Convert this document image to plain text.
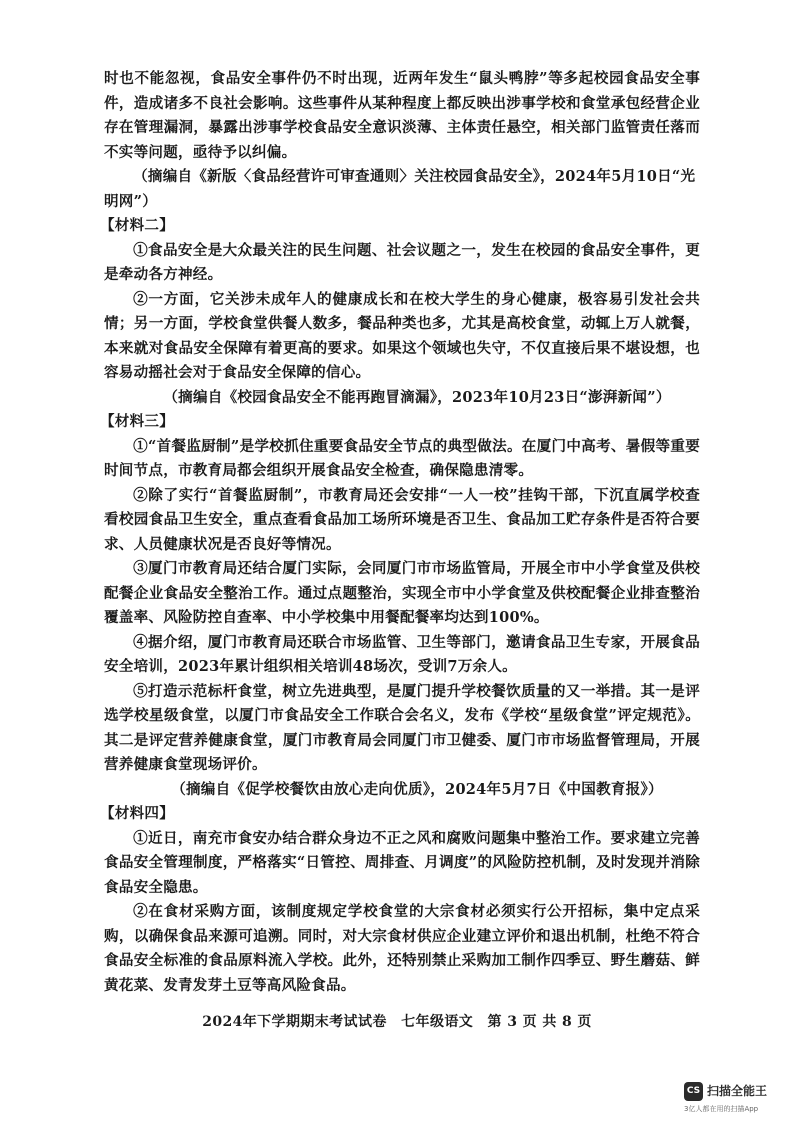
时也不能忽视，食品安全事件仍不时出现，近两年发生“鼠头鸭脖”等多起校园食品安全事件，造成诸多不良社会影响。这些事件从某种程度上都反映出涉事学校和食堂承包经营企业存在管理漏洞，暴露出涉事学校食品安全意识淡薄、主体责任悬空，相关部门监管责任落而不实等问题，亟待予以纠偏。

（摘编自《新版〈食品经营许可审查通则〉关注校园食品安全》，2024年5月10日“光明网”）

【材料二】

①食品安全是大众最关注的民生问题、社会议题之一，发生在校园的食品安全事件，更是牵动各方神经。

②一方面，它关涉未成年人的健康成长和在校大学生的身心健康，极容易引发社会共情；另一方面，学校食堂供餐人数多，餐品种类也多，尤其是高校食堂，动辄上万人就餐，本来就对食品安全保障有着更高的要求。如果这个领域也失守，不仅直接后果不堪设想，也容易动摇社会对于食品安全保障的信心。

（摘编自《校园食品安全不能再跑冒滴漏》，2023年10月23日“澎湃新闻”）

【材料三】

①“首餐监厨制”是学校抓住重要食品安全节点的典型做法。在厦门中高考、暑假等重要时间节点，市教育局都会组织开展食品安全检查，确保隐患清零。

②除了实行“首餐监厨制”，市教育局还会安排“一人一校”挂钩干部，下沉直属学校查看校园食品卫生安全，重点查看食品加工场所环境是否卫生、食品加工贮存条件是否符合要求、人员健康状况是否良好等情况。

③厦门市教育局还结合厦门实际，会同厦门市市场监管局，开展全市中小学食堂及供校配餐企业食品安全整治工作。通过点题整治，实现全市中小学食堂及供校配餐企业排查整治覆盖率、风险防控自查率、中小学校集中用餐配餐率均达到100%。

④据介绍，厦门市教育局还联合市场监管、卫生等部门，邀请食品卫生专家，开展食品安全培训，2023年累计组织相关培训48场次，受训7万余人。

⑤打造示范标杆食堂，树立先进典型，是厦门提升学校餐饮质量的又一举措。其一是评选学校星级食堂，以厦门市食品安全工作联合会名义，发布《学校“星级食堂”评定规范》。其二是评定营养健康食堂，厦门市教育局会同厦门市卫健委、厦门市市场监督管理局，开展营养健康食堂现场评价。

（摘编自《促学校餐饮由放心走向优质》，2024年5月7日《中国教育报》）

【材料四】

①近日，南充市食安办结合群众身边不正之风和腐败问题集中整治工作。要求建立完善食品安全管理制度，严格落实“日管控、周排查、月调度”的风险防控机制，及时发现并消除食品安全隐患。

②在食材采购方面，该制度规定学校食堂的大宗食材必须实行公开招标，集中定点采购，以确保食品来源可追溯。同时，对大宗食材供应企业建立评价和退出机制，杜绝不符合食品安全标准的食品原料流入学校。此外，还特别禁止采购加工制作四季豆、野生蘑菇、鲜黄花菜、发青发芽土豆等高风险食品。

2024年下学期期末考试试卷　七年级语文　第 3 页 共 8 页
CS 扫描全能王
3亿人都在用的扫描App
